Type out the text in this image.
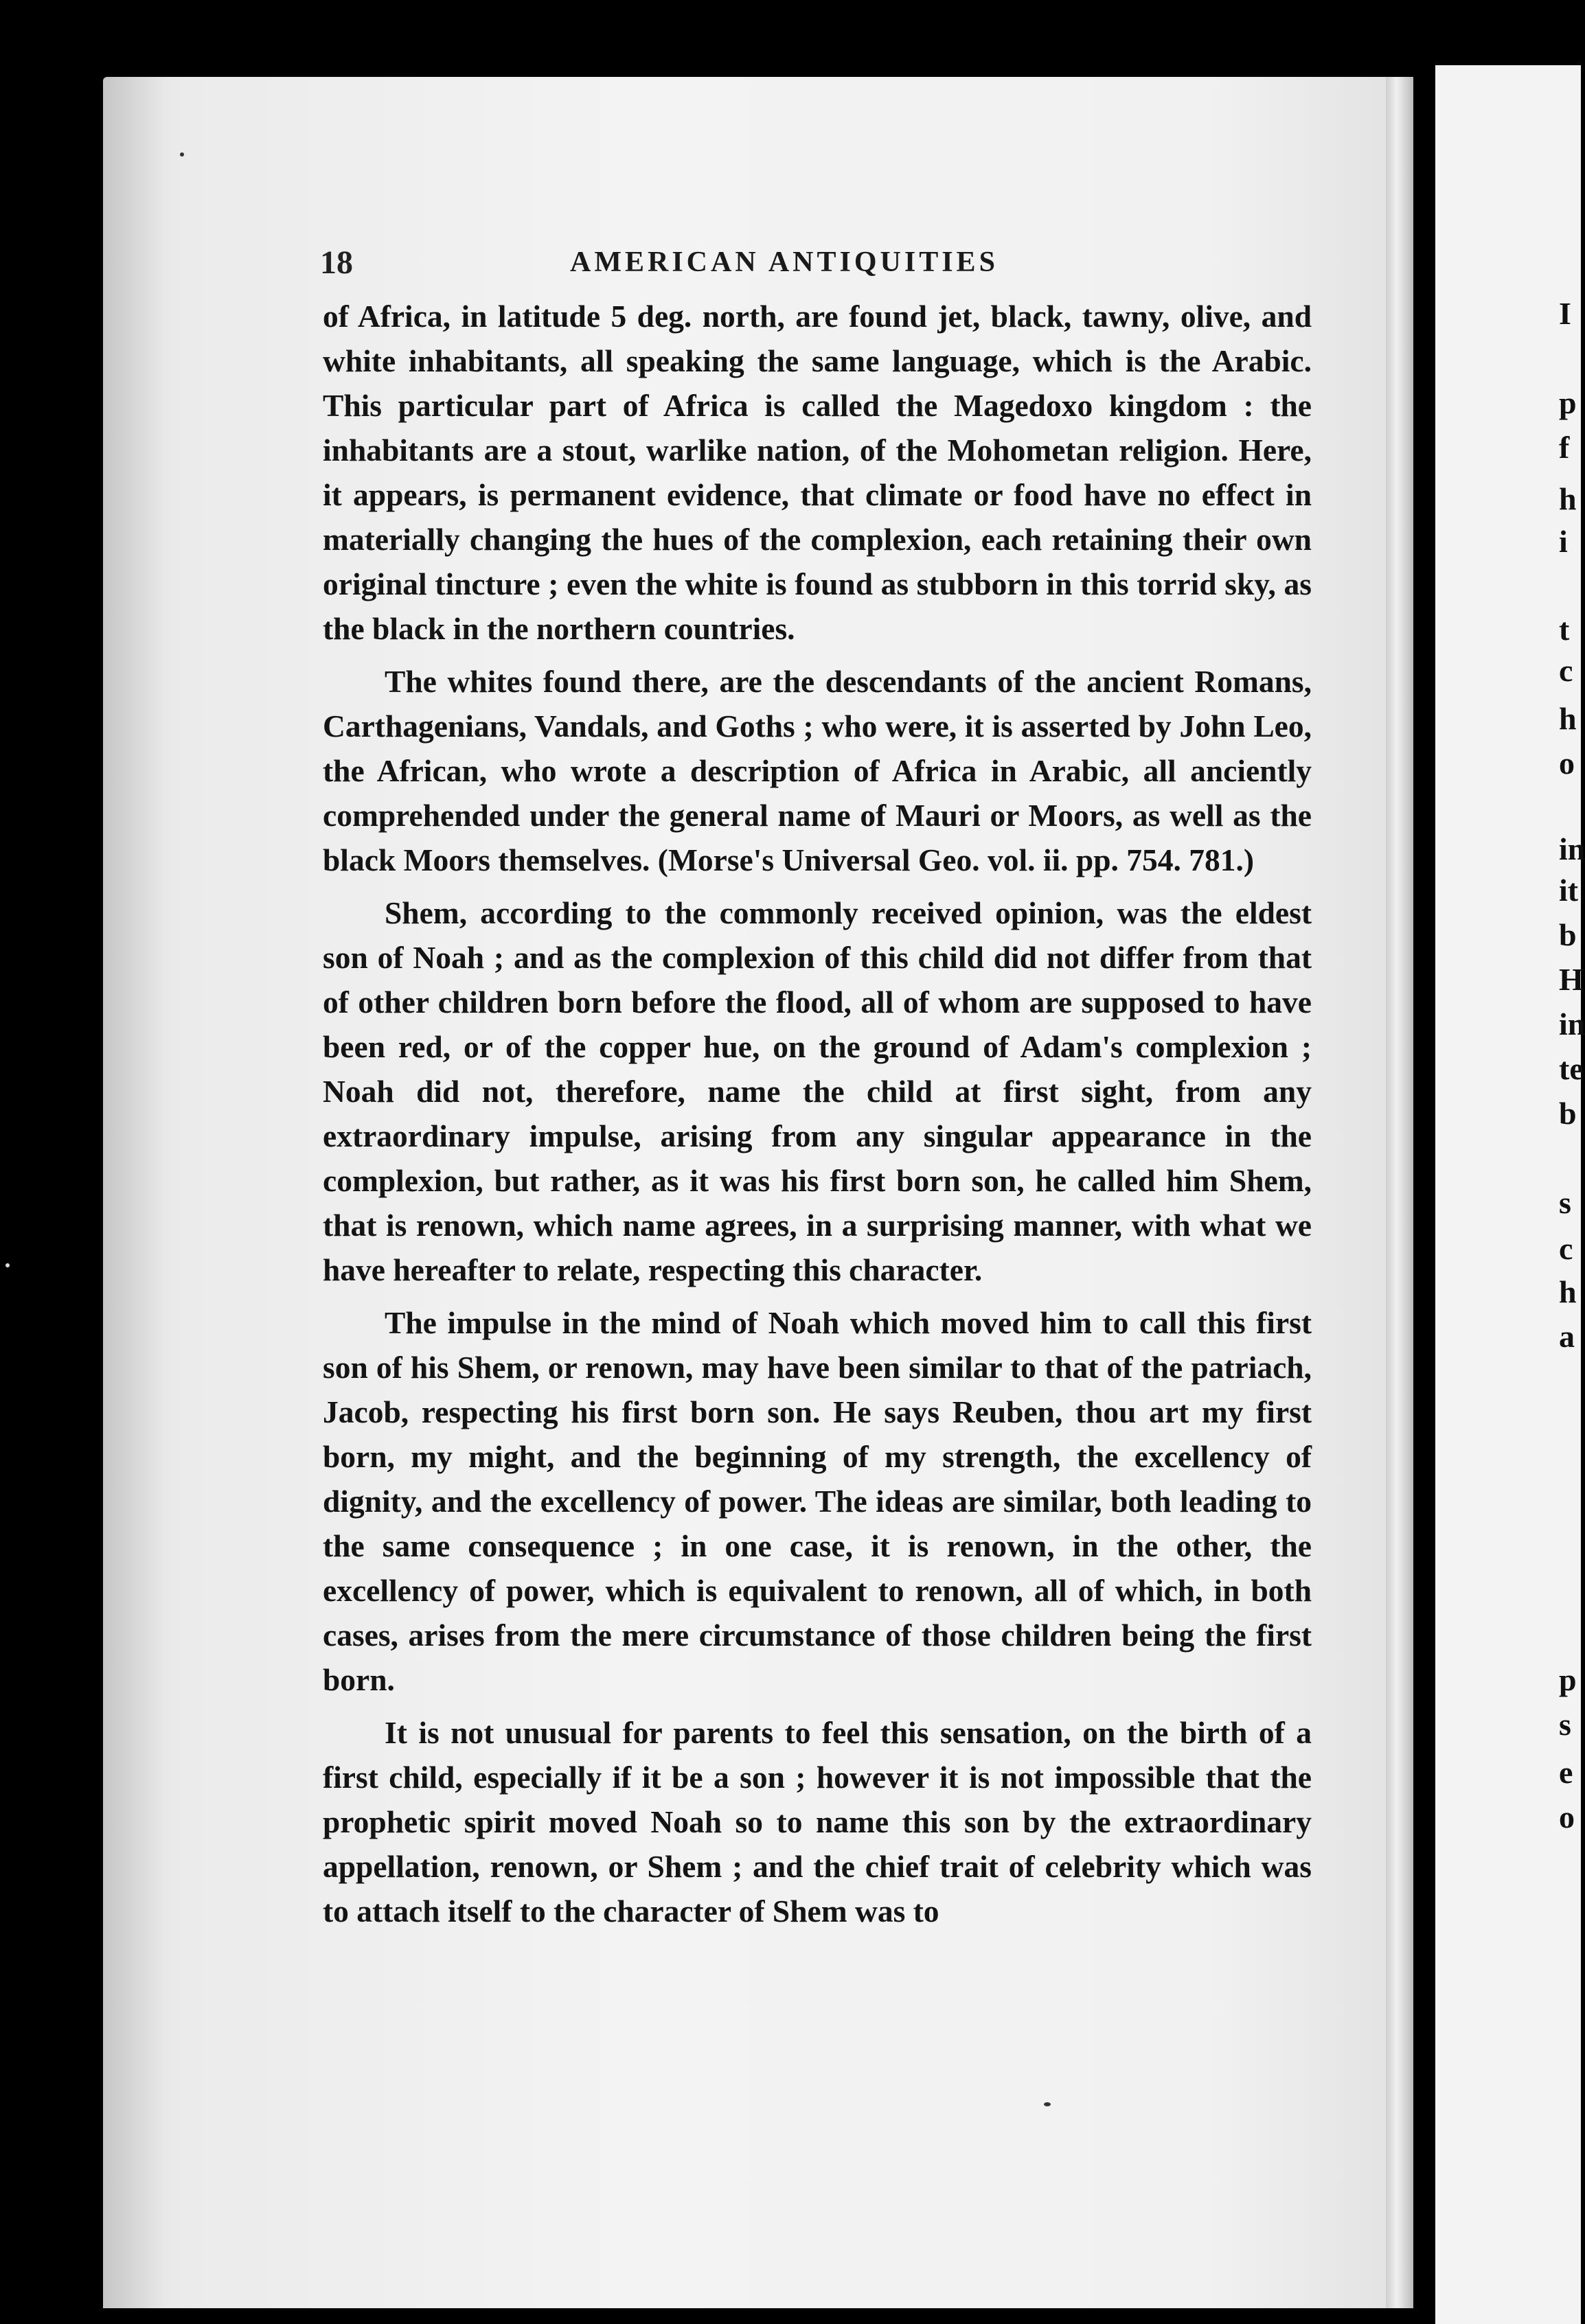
I
p
f
h
i
t
c
h
o
in
it
b
H
in
te
b
s
c
h
a
p
s
e
o
18	AMERICAN ANTIQUITIES

of Africa, in latitude 5 deg. north, are found jet, black, tawny, olive, and white inhabitants, all speaking the same language, which is the Arabic. This particular part of Africa is called the Magedoxo kingdom : the inhabitants are a stout, warlike nation, of the Mohometan religion. Here, it appears, is permanent evidence, that climate or food have no effect in materially changing the hues of the complexion, each retaining their own original tincture ; even the white is found as stubborn in this torrid sky, as the black in the northern countries.

The whites found there, are the descendants of the ancient Romans, Carthagenians, Vandals, and Goths ; who were, it is asserted by John Leo, the African, who wrote a description of Africa in Arabic, all anciently comprehended under the general name of Mauri or Moors, as well as the black Moors themselves. (Morse's Universal Geo. vol. ii. pp. 754. 781.)

Shem, according to the commonly received opinion, was the eldest son of Noah ; and as the complexion of this child did not differ from that of other children born before the flood, all of whom are supposed to have been red, or of the copper hue, on the ground of Adam's complexion ; Noah did not, therefore, name the child at first sight, from any extraordinary impulse, arising from any singular appearance in the complexion, but rather, as it was his first born son, he called him Shem, that is renown, which name agrees, in a surprising manner, with what we have hereafter to relate, respecting this character.

The impulse in the mind of Noah which moved him to call this first son of his Shem, or renown, may have been similar to that of the patriach, Jacob, respecting his first born son. He says Reuben, thou art my first born, my might, and the beginning of my strength, the excellency of dignity, and the excellency of power. The ideas are similar, both leading to the same consequence ; in one case, it is renown, in the other, the excellency of power, which is equivalent to renown, all of which, in both cases, arises from the mere circumstance of those children being the first born.

It is not unusual for parents to feel this sensation, on the birth of a first child, especially if it be a son ; however it is not impossible that the prophetic spirit moved Noah so to name this son by the extraordinary appellation, renown, or Shem ; and the chief trait of celebrity which was to attach itself to the character of Shem was to
